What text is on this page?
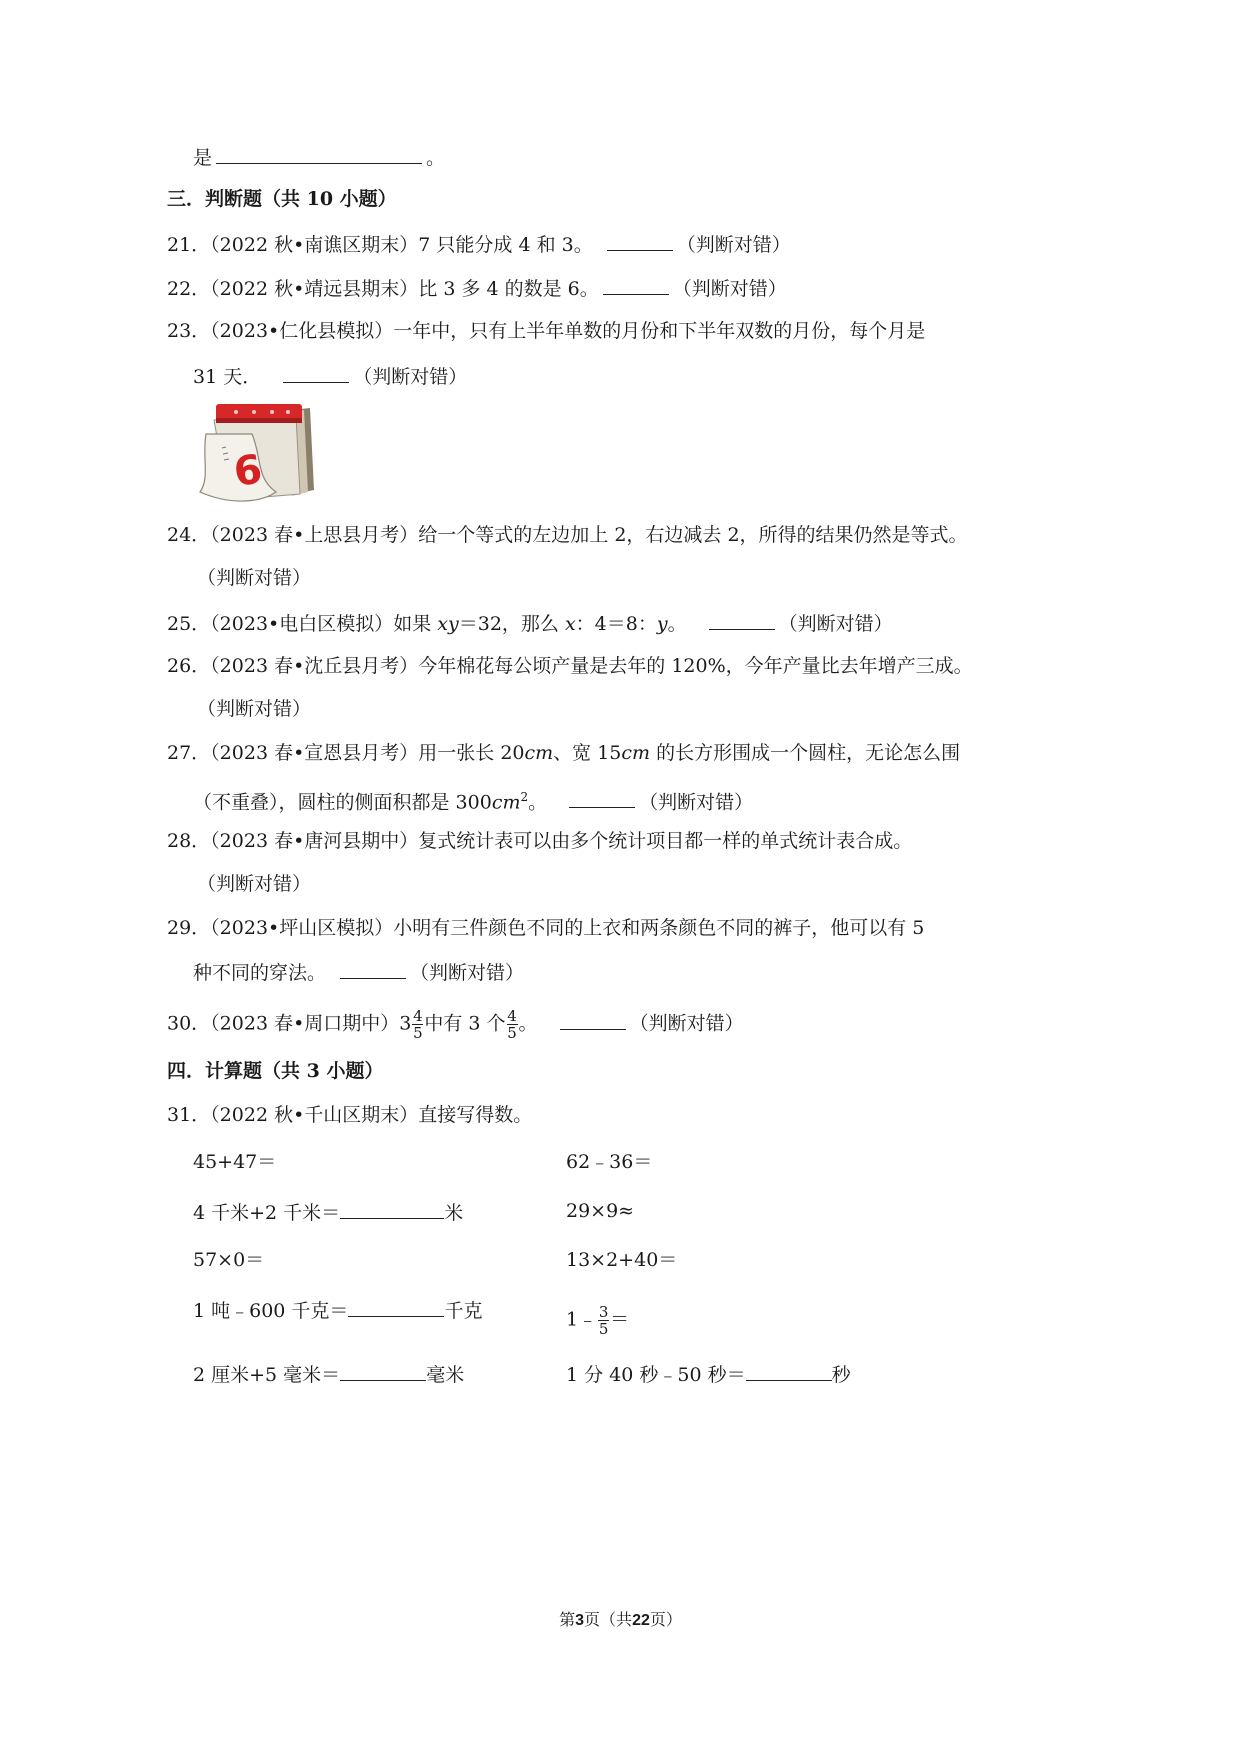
是	。
三．判断题（共 10 小题）
21．（2022 秋•南谯区期末）7 只能分成 4 和 3。	（判断对错）
22．（2022 秋•靖远县期末）比 3 多 4 的数是 6。	（判断对错）
23．（2023•仁化县模拟）一年中，只有上半年单数的月份和下半年双数的月份，每个月是
31 天．	（判断对错）
6
24．（2023 春•上思县月考）给一个等式的左边加上 2，右边减去 2，所得的结果仍然是等式。
（判断对错）
25．（2023•电白区模拟）如果 xy＝32，那么 x：4＝8：y。	（判断对错）
26．（2023 春•沈丘县月考）今年棉花每公顷产量是去年的 120%，今年产量比去年增产三成。
（判断对错）
27．（2023 春•宣恩县月考）用一张长 20cm、宽 15cm 的长方形围成一个圆柱，无论怎么围
（不重叠），圆柱的侧面积都是 $300cm^2$。	（判断对错）
28．（2023 春•唐河县期中）复式统计表可以由多个统计项目都一样的单式统计表合成。
（判断对错）
29．（2023•坪山区模拟）小明有三件颜色不同的上衣和两条颜色不同的裤子，他可以有 5
种不同的穿法。	（判断对错）
30．（2023 春•周口期中）$3 \frac{4}{5}$ 中有 3 个 $\frac{4}{5}$ 。	（判断对错）
四．计算题（共 3 小题）
31．（2022 秋•千山区期末）直接写得数。
45+47＝	62﹣36＝
4 千米+2 千米＝	米	29×9≈
57×0＝	13×2+40＝
1 吨﹣600 千克＝	千克	1﹣ $\frac{3}{5}$ ＝
2 厘米+5 毫米＝	毫米	1 分 40 秒﹣50 秒＝	秒
第3页（共22页）
